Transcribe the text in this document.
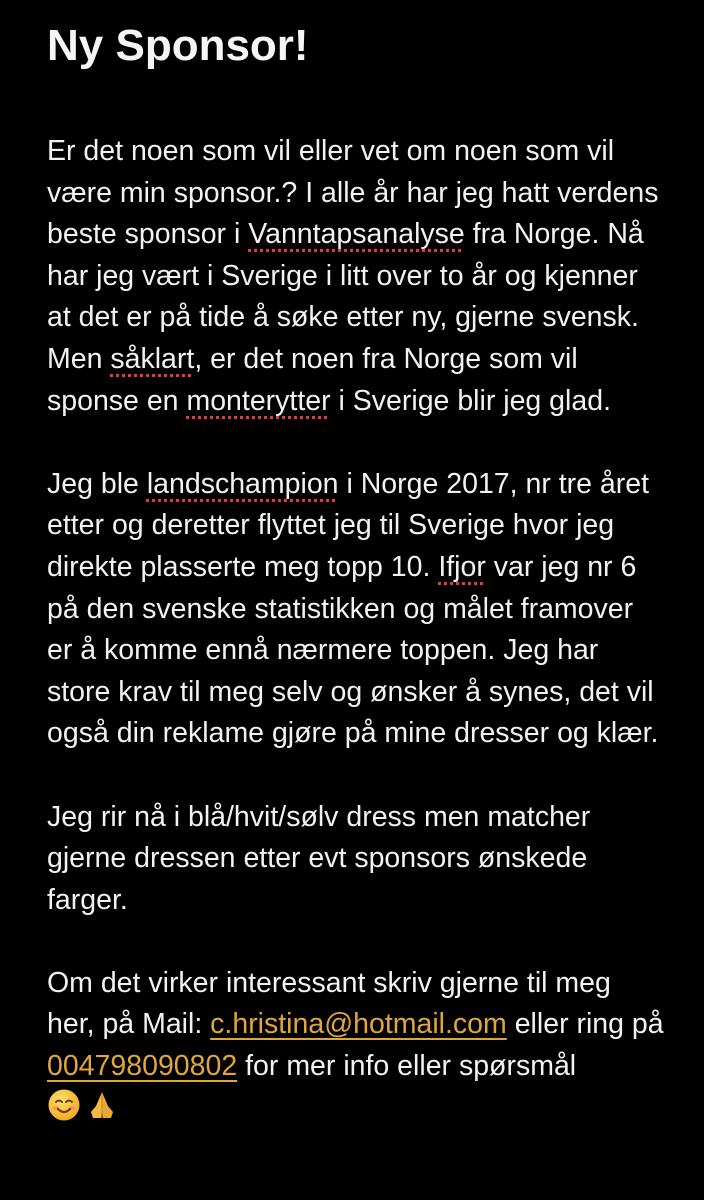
Ny Sponsor!

Er det noen som vil eller vet om noen som vil være min sponsor.? I alle år har jeg hatt verdens beste sponsor i Vanntapsanalyse fra Norge. Nå har jeg vært i Sverige i litt over to år og kjenner at det er på tide å søke etter ny, gjerne svensk. Men såklart, er det noen fra Norge som vil sponse en monterytter i Sverige blir jeg glad.

Jeg ble landschampion i Norge 2017, nr tre året etter og deretter flyttet jeg til Sverige hvor jeg direkte plasserte meg topp 10. Ifjor var jeg nr 6 på den svenske statistikken og målet framover er å komme ennå nærmere toppen. Jeg har store krav til meg selv og ønsker å synes, det vil også din reklame gjøre på mine dresser og klær.

Jeg rir nå i blå/hvit/sølv dress men matcher gjerne dressen etter evt sponsors ønskede farger.

Om det virker interessant skriv gjerne til meg her, på Mail: c.hristina@hotmail.com eller ring på 004798090802 for mer info eller spørsmål
